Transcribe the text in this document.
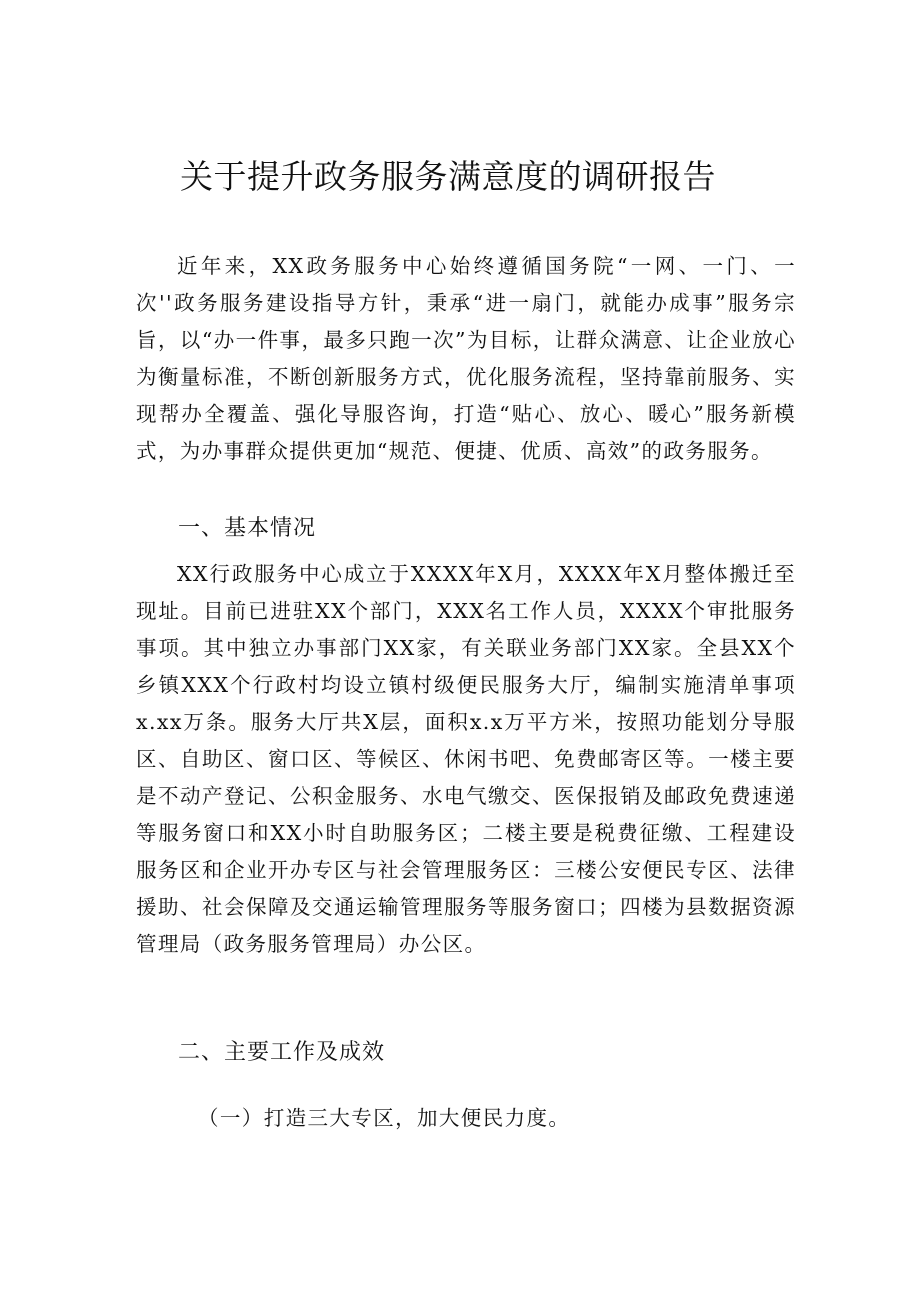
关于提升政务服务满意度的调研报告

近年来，XX政务服务中心始终遵循国务院“一网、一门、一次''政务服务建设指导方针，秉承“进一扇门，就能办成事”服务宗旨，以“办一件事，最多只跑一次”为目标，让群众满意、让企业放心为衡量标准，不断创新服务方式，优化服务流程，坚持靠前服务、实现帮办全覆盖、强化导服咨询，打造“贴心、放心、暖心”服务新模式，为办事群众提供更加“规范、便捷、优质、高效”的政务服务。

一、基本情况

XX行政服务中心成立于XXXX年X月，XXXX年X月整体搬迁至现址。目前已进驻XX个部门，XXX名工作人员，XXXX个审批服务事项。其中独立办事部门XX家，有关联业务部门XX家。全县XX个乡镇XXX个行政村均设立镇村级便民服务大厅，编制实施清单事项x.xx万条。服务大厅共X层，面积x.x万平方米，按照功能划分导服区、自助区、窗口区、等候区、休闲书吧、免费邮寄区等。一楼主要是不动产登记、公积金服务、水电气缴交、医保报销及邮政免费速递等服务窗口和XX小时自助服务区；二楼主要是税费征缴、工程建设服务区和企业开办专区与社会管理服务区：三楼公安便民专区、法律援助、社会保障及交通运输管理服务等服务窗口；四楼为县数据资源管理局（政务服务管理局）办公区。

二、主要工作及成效
（一）打造三大专区，加大便民力度。
